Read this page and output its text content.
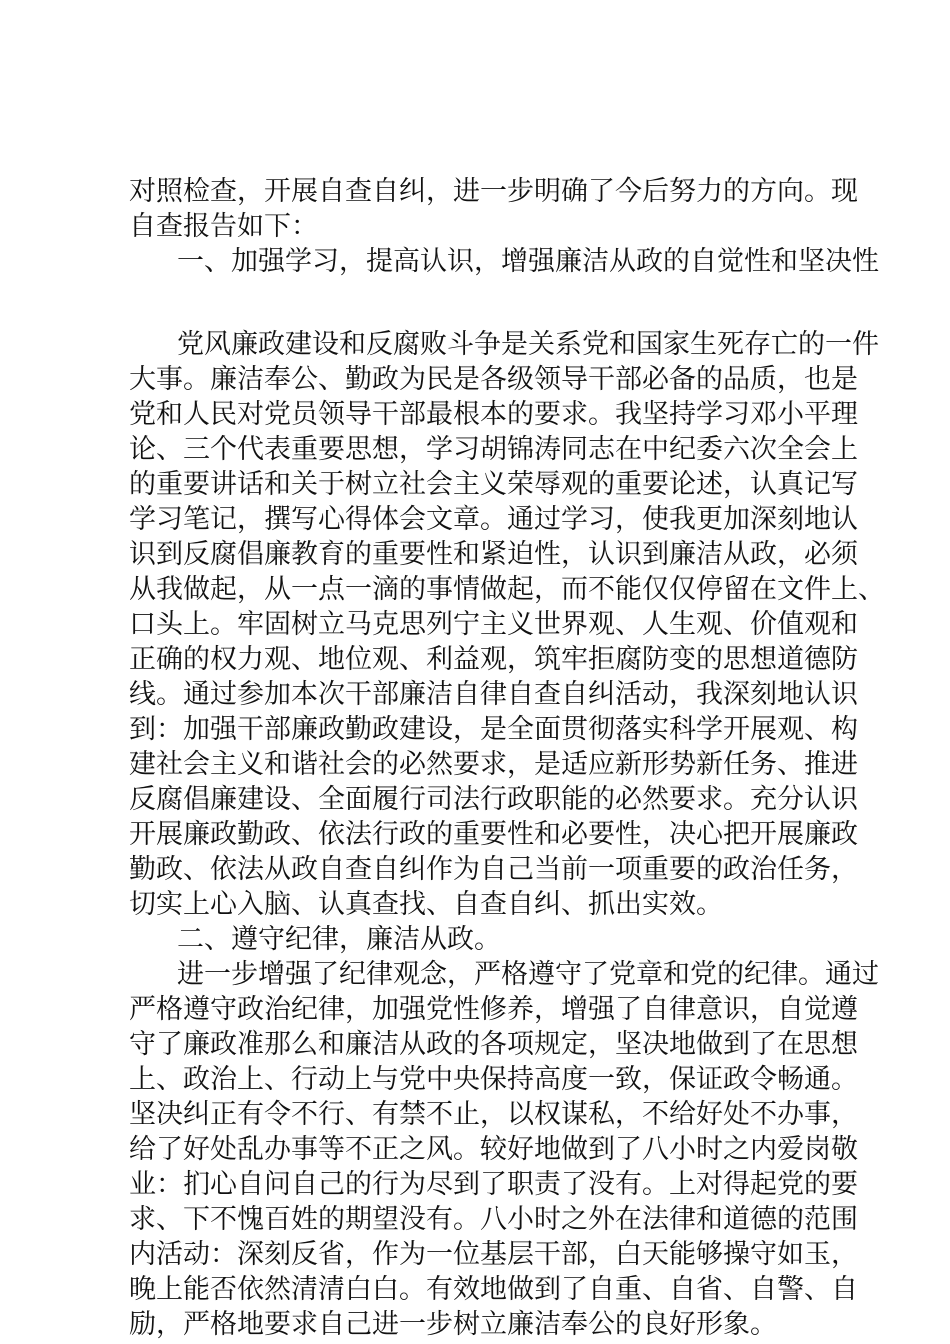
对照检查，开展自查自纠，进一步明确了今后努力的方向。现
自查报告如下：
一、加强学习，提高认识，增强廉洁从政的自觉性和坚决性
党风廉政建设和反腐败斗争是关系党和国家生死存亡的一件
大事。廉洁奉公、勤政为民是各级领导干部必备的品质，也是
党和人民对党员领导干部最根本的要求。我坚持学习邓小平理
论、三个代表重要思想，学习胡锦涛同志在中纪委六次全会上
的重要讲话和关于树立社会主义荣辱观的重要论述，认真记写
学习笔记，撰写心得体会文章。通过学习，使我更加深刻地认
识到反腐倡廉教育的重要性和紧迫性，认识到廉洁从政，必须
从我做起，从一点一滴的事情做起，而不能仅仅停留在文件上、
口头上。牢固树立马克思列宁主义世界观、人生观、价值观和
正确的权力观、地位观、利益观，筑牢拒腐防变的思想道德防
线。通过参加本次干部廉洁自律自查自纠活动，我深刻地认识
到：加强干部廉政勤政建设，是全面贯彻落实科学开展观、构
建社会主义和谐社会的必然要求，是适应新形势新任务、推进
反腐倡廉建设、全面履行司法行政职能的必然要求。充分认识
开展廉政勤政、依法行政的重要性和必要性，决心把开展廉政
勤政、依法从政自查自纠作为自己当前一项重要的政治任务，
切实上心入脑、认真查找、自查自纠、抓出实效。
二、遵守纪律，廉洁从政。
进一步增强了纪律观念，严格遵守了党章和党的纪律。通过
严格遵守政治纪律，加强党性修养，增强了自律意识，自觉遵
守了廉政准那么和廉洁从政的各项规定，坚决地做到了在思想
上、政治上、行动上与党中央保持高度一致，保证政令畅通。
坚决纠正有令不行、有禁不止，以权谋私，不给好处不办事，
给了好处乱办事等不正之风。较好地做到了八小时之内爱岗敬
业：扪心自问自己的行为尽到了职责了没有。上对得起党的要
求、下不愧百姓的期望没有。八小时之外在法律和道德的范围
内活动：深刻反省，作为一位基层干部，白天能够操守如玉，
晚上能否依然清清白白。有效地做到了自重、自省、自警、自
励，严格地要求自己进一步树立廉洁奉公的良好形象。
